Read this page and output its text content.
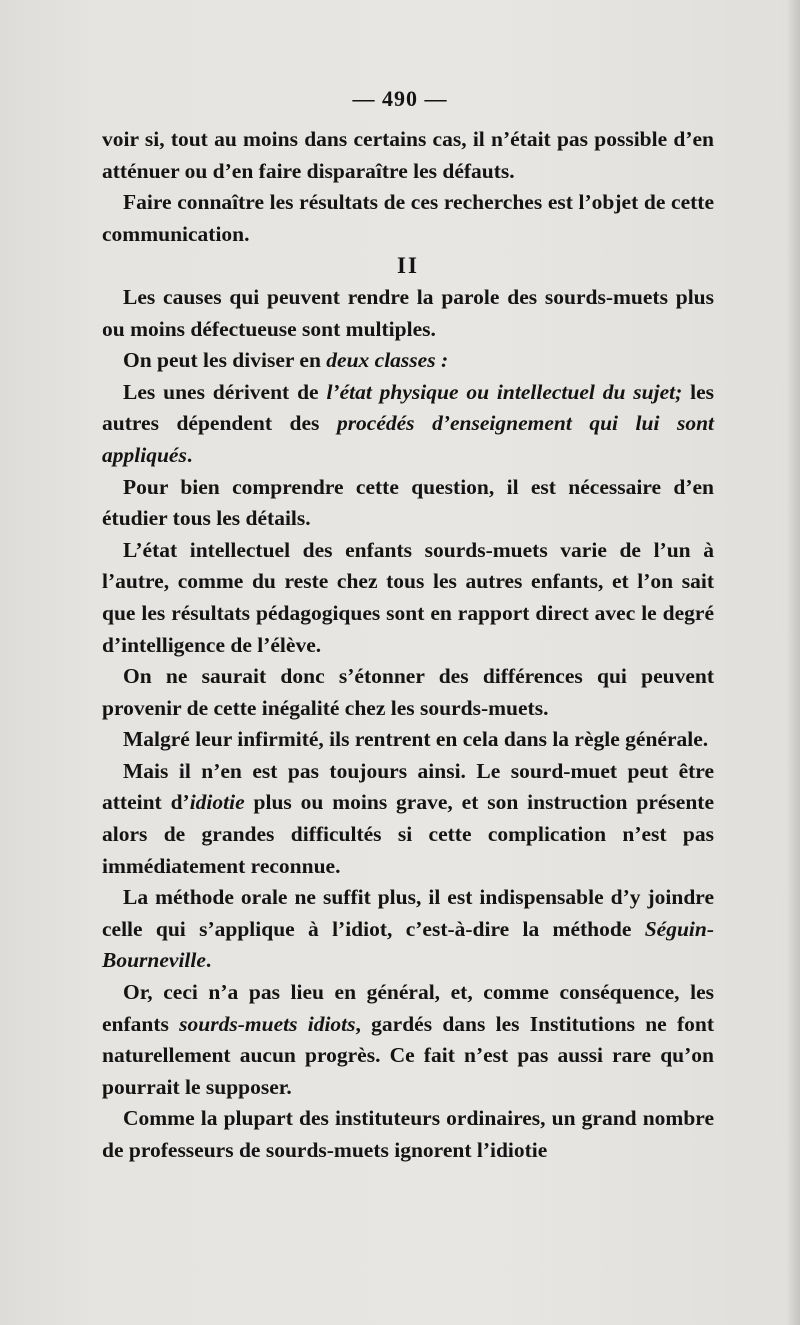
— 490 —

voir si, tout au moins dans certains cas, il n’était pas possible d’en atténuer ou d’en faire disparaître les défauts.

Faire connaître les résultats de ces recherches est l’objet de cette communication.

II

Les causes qui peuvent rendre la parole des sourds-muets plus ou moins défectueuse sont multiples.

On peut les diviser en deux classes :

Les unes dérivent de l’état physique ou intellectuel du sujet; les autres dépendent des procédés d’enseignement qui lui sont appliqués.

Pour bien comprendre cette question, il est nécessaire d’en étudier tous les détails.

L’état intellectuel des enfants sourds-muets varie de l’un à l’autre, comme du reste chez tous les autres enfants, et l’on sait que les résultats pédagogiques sont en rapport direct avec le degré d’intelligence de l’élève.

On ne saurait donc s’étonner des différences qui peuvent provenir de cette inégalité chez les sourds-muets.

Malgré leur infirmité, ils rentrent en cela dans la règle générale.

Mais il n’en est pas toujours ainsi. Le sourd-muet peut être atteint d’idiotie plus ou moins grave, et son instruction présente alors de grandes difficultés si cette complication n’est pas immédiatement reconnue.

La méthode orale ne suffit plus, il est indispensable d’y joindre celle qui s’applique à l’idiot, c’est-à-dire la méthode Séguin-Bourneville.

Or, ceci n’a pas lieu en général, et, comme conséquence, les enfants sourds-muets idiots, gardés dans les Institutions ne font naturellement aucun progrès. Ce fait n’est pas aussi rare qu’on pourrait le supposer.

Comme la plupart des instituteurs ordinaires, un grand nombre de professeurs de sourds-muets ignorent l’idiotie
